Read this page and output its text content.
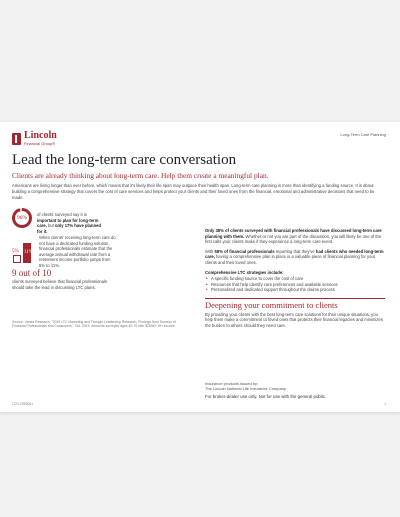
Lincoln
Financial Group®
Long-Term Care Planning
Lead the long-term care conversation
Clients are already thinking about long-term care. Help them create a meaningful plan.
Americans are living longer than ever before, which means that it's likely their life span may outpace their health span. Long-term care planning is more than identifying a funding source. It is about building a comprehensive strategy that covers the cost of care services and helps protect your clients and their loved ones from the financial, emotional and administrative decisions that need to be made.
96%
of clients surveyed say it is important to plan for long-term care, but only 17% have planned for it.
5% 11%
When clients' receiving long-term care do not have a dedicated funding solution, financial professionals estimate that the average annual withdrawal rate from a retirement income portfolio jumps from 5% to 11%.
9 out of 10
clients surveyed believe that financial professionals should take the lead in discussing LTC plans.
Source: Versta Research, "2019 LTC Marketing and Thought Leadership Research, Findings from Surveys of Financial Professionals and Consumers," Oct. 2019. Amounts surveyed ages 40-70 with $250K+ HH income.

Only 38% of clients surveyed with financial professionals have discussed long-term care planning with them. Whether or not you are part of the discussion, you will likely be one of the first calls your clients make if they experience a long-term care event.

With 58% of financial professionals reporting that they've had clients who needed long-term care, having a comprehensive plan in place is a valuable piece of financial planning for your clients and their loved ones.

Comprehensive LTC strategies include:
• A specific funding source to cover the cost of care
• Resources that help identify care preferences and available services
• Personalized and dedicated support throughout the claims process
Deepening your commitment to clients

By providing your clients with the best long-term care solutions for their unique situations, you help them make a commitment to loved ones that protects their financial legacies and minimizes the burden to others should they need care.

Insurance products issued by:
The Lincoln National Life Insurance Company
For broker-dealer use only. Not for use with the general public.
LCN-2985061	1
